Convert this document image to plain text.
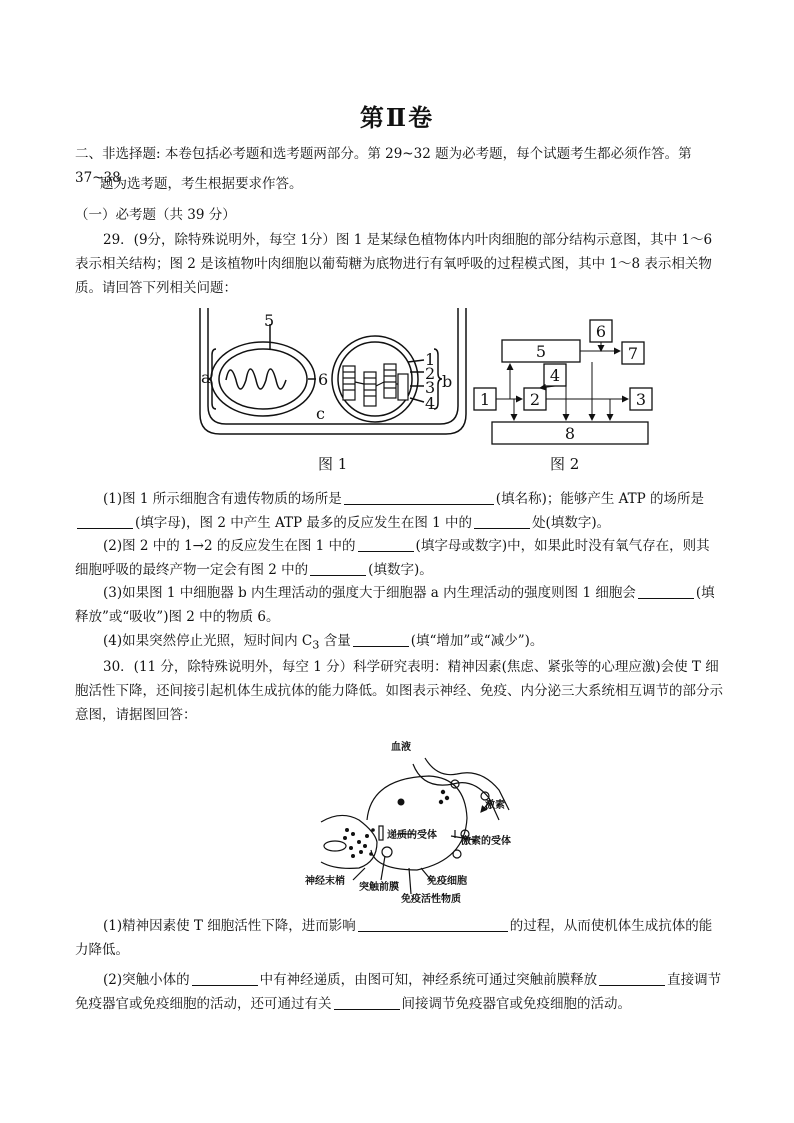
第Ⅱ卷

二、非选择题: 本卷包括必考题和选考题两部分。第 29~32 题为必考题，每个试题考生都必须作答。第 37~38

题为选考题，考生根据要求作答。

（一）必考题（共 39 分）

29．(9分，除特殊说明外，每空 1分）图 1 是某绿色植物体内叶肉细胞的部分结构示意图，其中 1～6 表示相关结构；图 2 是该植物叶肉细胞以葡萄糖为底物进行有氧呼吸的过程模式图，其中 1～8 表示相关物质。请回答下列相关问题：

5
6
1
2
3
4
a	b
c
图 1
1 2	3
4
5
6
7
8
图 2

(1)图 1 所示细胞含有遗传物质的场所是	(填名称)；能够产生 ATP 的场所是(填字母)，图 2 中产生 ATP 最多的反应发生在图 1 中的	处(填数字)。

(2)图 2 中的 1→2 的反应发生在图 1 中的	(填字母或数字)中，如果此时没有氧气存在，则其细胞呼吸的最终产物一定会有图 2 中的	(填数字)。

(3)如果图 1 中细胞器 b 内生理活动的强度大于细胞器 a 内生理活动的强度则图 1 细胞会	(填释放”或“吸收”)图 2 中的物质 6。

(4)如果突然停止光照，短时间内 $C_3$ 含量	(填“增加”或“减少”)。

30．(11 分，除特殊说明外，每空 1 分）科学研究表明：精神因素(焦虑、紧张等的心理应激)会使 T 细胞活性下降，还间接引起机体生成抗体的能力降低。如图表示神经、免疫、内分泌三大系统相互调节的部分示意图，请据图回答：

血液
激素
递质的受体
激素的受体
神经末梢
突触前膜
免疫细胞
免疫活性物质

(1)精神因素使 T 细胞活性下降，进而影响	的过程，从而使机体生成抗体的能力降低。

(2)突触小体的	中有神经递质，由图可知，神经系统可通过突触前膜释放	直接调节免疫器官或免疫细胞的活动，还可通过有关	间接调节免疫器官或免疫细胞的活动。
